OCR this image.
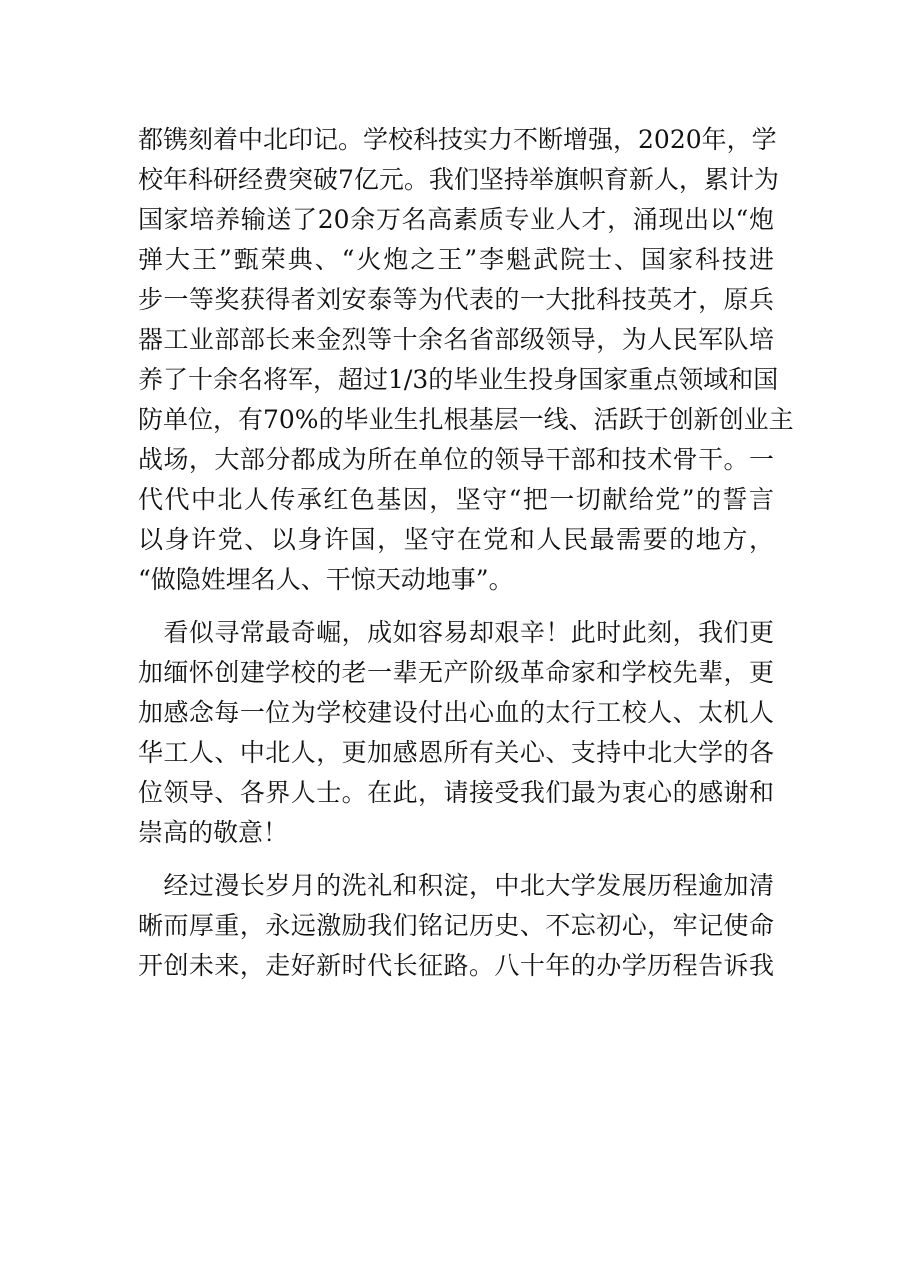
都镌刻着中北印记。学校科技实力不断增强，2020年，学
校年科研经费突破7亿元。我们坚持举旗帜育新人，累计为
国家培养输送了20余万名高素质专业人才，涌现出以“炮
弹大王”甄荣典、“火炮之王”李魁武院士、国家科技进
步一等奖获得者刘安泰等为代表的一大批科技英才，原兵
器工业部部长来金烈等十余名省部级领导，为人民军队培
养了十余名将军，超过1/3的毕业生投身国家重点领域和国
防单位，有70%的毕业生扎根基层一线、活跃于创新创业主
战场，大部分都成为所在单位的领导干部和技术骨干。一
代代中北人传承红色基因，坚守“把一切献给党”的誓言
以身许党、以身许国，坚守在党和人民最需要的地方，
“做隐姓埋名人、干惊天动地事”。
　看似寻常最奇崛，成如容易却艰辛！此时此刻，我们更
加缅怀创建学校的老一辈无产阶级革命家和学校先辈，更
加感念每一位为学校建设付出心血的太行工校人、太机人
华工人、中北人，更加感恩所有关心、支持中北大学的各
位领导、各界人士。在此，请接受我们最为衷心的感谢和
崇高的敬意！
　经过漫长岁月的洗礼和积淀，中北大学发展历程逾加清
晰而厚重，永远激励我们铭记历史、不忘初心，牢记使命
开创未来，走好新时代长征路。八十年的办学历程告诉我
